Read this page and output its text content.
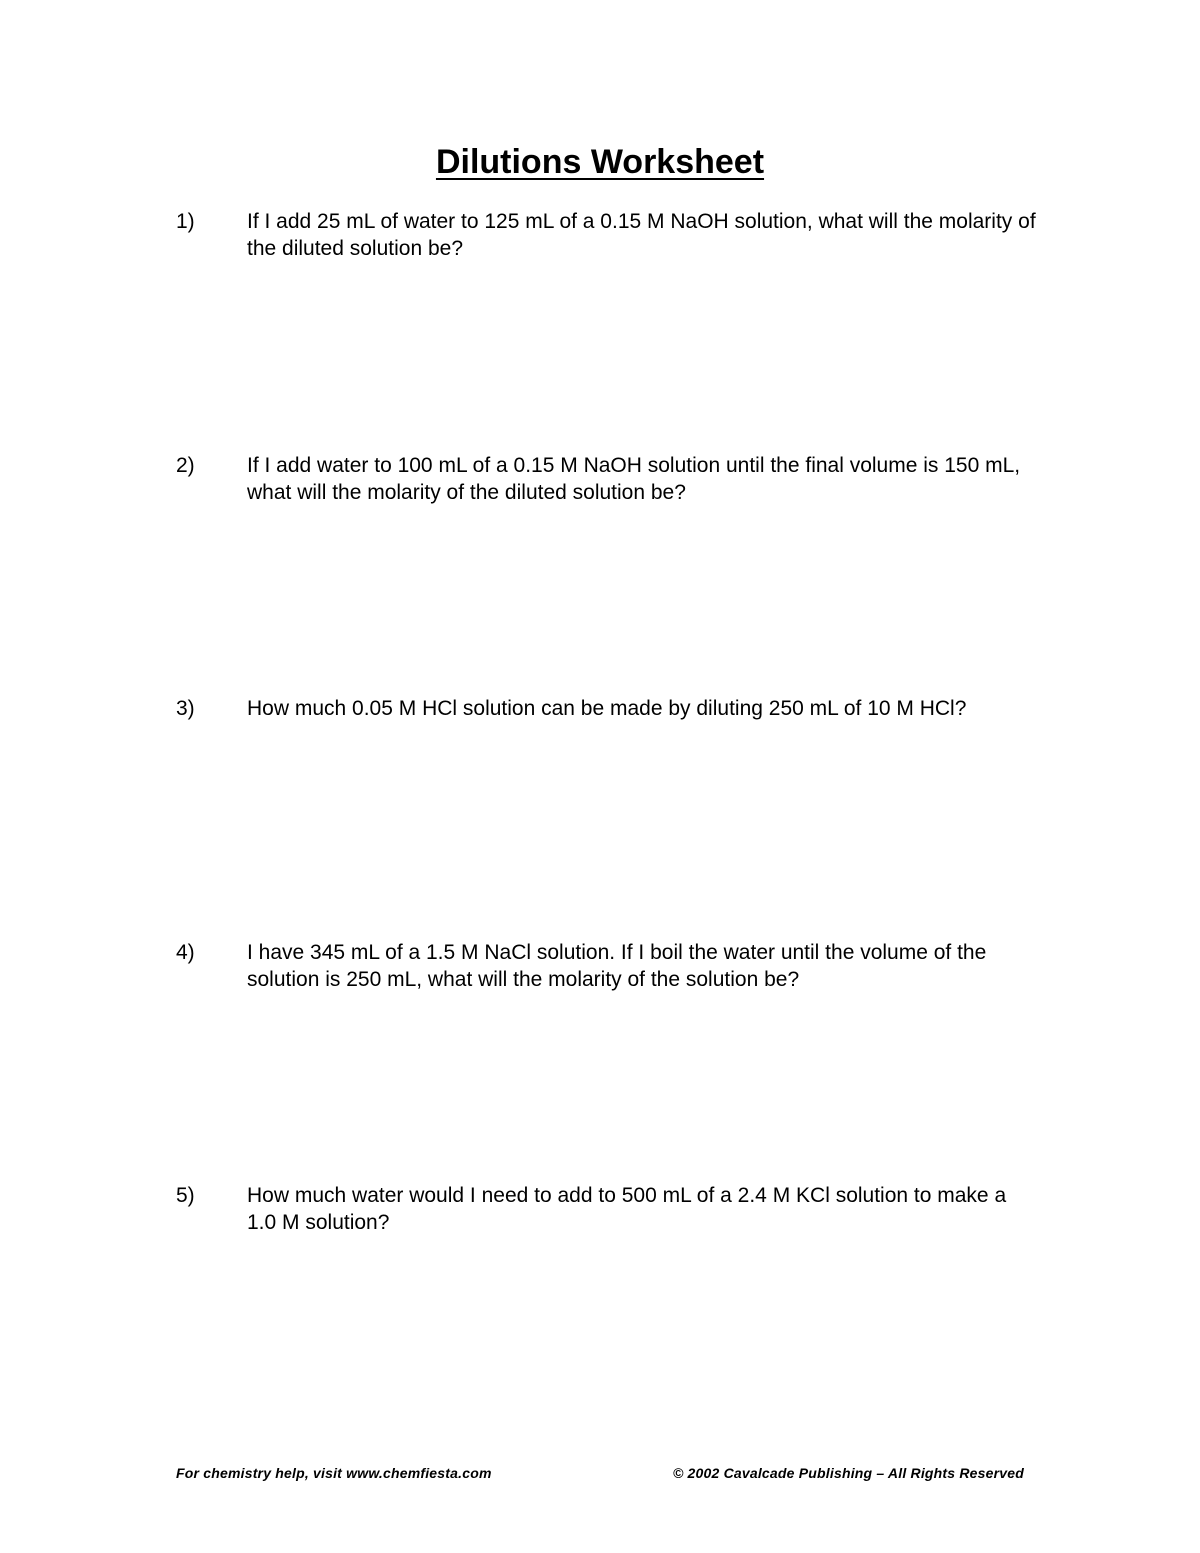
Dilutions Worksheet
1)	If I add 25 mL of water to 125 mL of a 0.15 M NaOH solution, what will the molarity of the diluted solution be?
2)	If I add water to 100 mL of a 0.15 M NaOH solution until the final volume is 150 mL, what will the molarity of the diluted solution be?
3)	How much 0.05 M HCl solution can be made by diluting 250 mL of 10 M HCl?
4)	I have 345 mL of a 1.5 M NaCl solution. If I boil the water until the volume of the solution is 250 mL, what will the molarity of the solution be?
5)	How much water would I need to add to 500 mL of a 2.4 M KCl solution to make a 1.0 M solution?
For chemistry help, visit www.chemfiesta.com	© 2002 Cavalcade Publishing – All Rights Reserved
